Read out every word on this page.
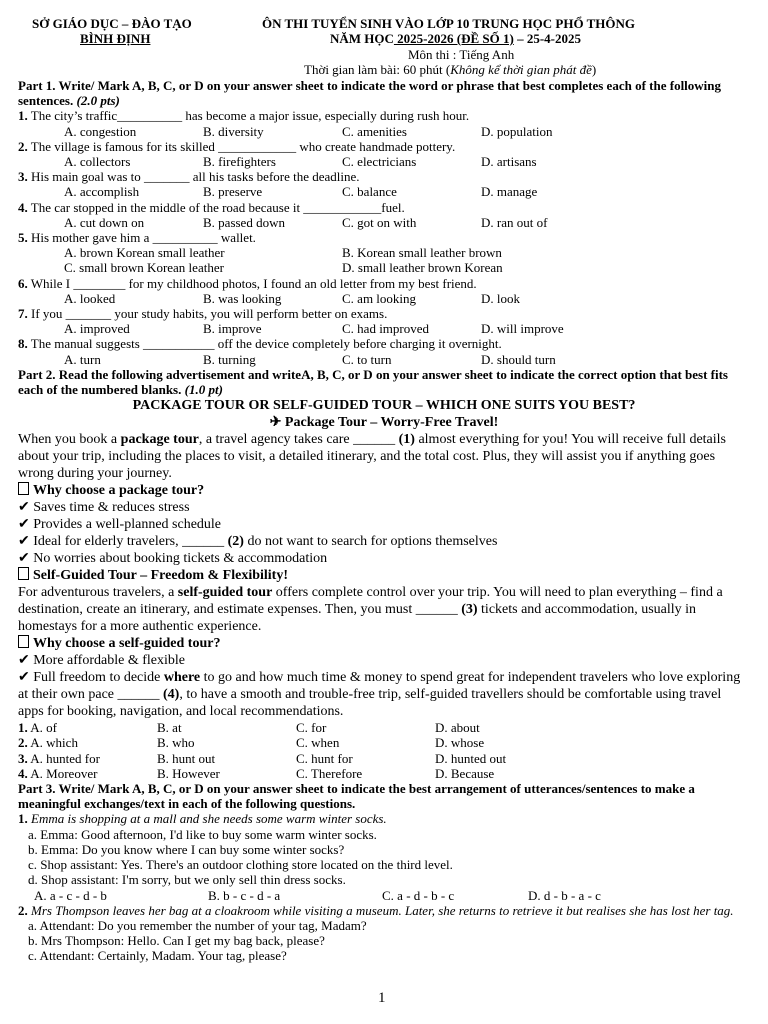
SỞ GIÁO DỤC – ĐÀO TẠO
BÌNH ĐỊNH
ÔN THI TUYỂN SINH VÀO LỚP 10 TRUNG HỌC PHỔ THÔNG
NĂM HỌC 2025-2026 (ĐỀ SỐ 1) – 25-4-2025
Môn thi : Tiếng Anh
Thời gian làm bài: 60 phút (Không kể thời gian phát đề)
Part 1. Write/ Mark A, B, C, or D on your answer sheet to indicate the word or phrase that best completes each of the following sentences. (2.0 pts)
1. The city’s traffic__________ has become a major issue, especially during rush hour.
A. congestion	B. diversity	C. amenities	D. population
2. The village is famous for its skilled ____________ who create handmade pottery.
A. collectors	B. firefighters	C. electricians	D. artisans
3. His main goal was to _______ all his tasks before the deadline.
A. accomplish	B. preserve	C. balance	D. manage
4. The car stopped in the middle of the road because it ____________fuel.
A. cut down on	B. passed down	C. got on with	D. ran out of
5. His mother gave him a __________ wallet.
A. brown Korean small leather	B. Korean small leather brown
C. small brown Korean leather	D. small leather brown Korean
6. While I ________ for my childhood photos, I found an old letter from my best friend.
A. looked	B. was looking	C. am looking	D. look
7. If you _______ your study habits, you will perform better on exams.
A. improved	B. improve	C. had improved	D. will improve
8. The manual suggests ___________ off the device completely before charging it overnight.
A. turn	B. turning	C. to turn	D. should turn
Part 2. Read the following advertisement and writeA, B, C, or D on your answer sheet to indicate the correct option that best fits each of the numbered blanks. (1.0 pt)
PACKAGE TOUR OR SELF-GUIDED TOUR – WHICH ONE SUITS YOU BEST?
✈ Package Tour – Worry-Free Travel!
When you book a package tour, a travel agency takes care ______ (1) almost everything for you! You will receive full details about your trip, including the places to visit, a detailed itinerary, and the total cost. Plus, they will assist you if anything goes wrong during your journey.
Why choose a package tour?
✔ Saves time & reduces stress
✔ Provides a well-planned schedule
✔ Ideal for elderly travelers, ______ (2) do not want to search for options themselves
✔ No worries about booking tickets & accommodation
Self-Guided Tour – Freedom & Flexibility!
For adventurous travelers, a self-guided tour offers complete control over your trip. You will need to plan everything – find a destination, create an itinerary, and estimate expenses. Then, you must ______ (3) tickets and accommodation, usually in homestays for a more authentic experience.
Why choose a self-guided tour?
✔ More affordable & flexible
✔ Full freedom to decide where to go and how much time & money to spend great for independent travelers who love exploring at their own pace ______ (4), to have a smooth and trouble-free trip, self-guided travellers should be comfortable using travel apps for booking, navigation, and local recommendations.
1. A. of	B. at	C. for	D. about
2. A. which	B. who	C. when	D. whose
3. A. hunted for	B. hunt out	C. hunt for	D. hunted out
4. A. Moreover	B. However	C. Therefore	D. Because
Part 3. Write/ Mark A, B, C, or D on your answer sheet to indicate the best arrangement of utterances/sentences to make a meaningful exchanges/text in each of the following questions.
1. Emma is shopping at a mall and she needs some warm winter socks.
a. Emma: Good afternoon, I'd like to buy some warm winter socks.
b. Emma: Do you know where I can buy some winter socks?
c. Shop assistant: Yes. There's an outdoor clothing store located on the third level.
d. Shop assistant: I'm sorry, but we only sell thin dress socks.
A. a - c - d - b	B. b - c - d - a	C. a - d - b - c	D. d - b - a - c
2. Mrs Thompson leaves her bag at a cloakroom while visiting a museum. Later, she returns to retrieve it but realises she has lost her tag.
a. Attendant: Do you remember the number of your tag, Madam?
b. Mrs Thompson: Hello. Can I get my bag back, please?
c. Attendant: Certainly, Madam. Your tag, please?
1
